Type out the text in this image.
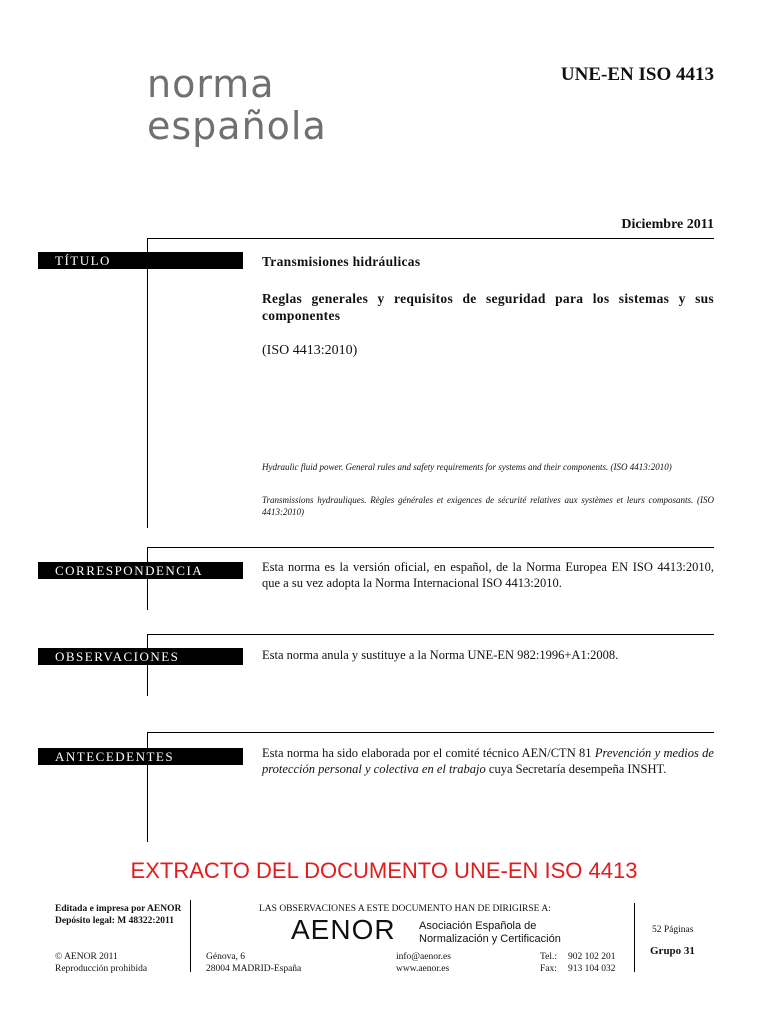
norma
española
UNE-EN ISO 4413
Diciembre 2011
TÍTULO	Transmisiones hidráulicas
Reglas generales y requisitos de seguridad para los sistemas y sus componentes
(ISO 4413:2010)
Hydraulic fluid power. General rules and safety requirements for systems and their components. (ISO 4413:2010)
Transmissions hydrauliques. Règles générales et exigences de sécurité relatives aux systèmes et leurs composants. (ISO 4413:2010)
CORRESPONDENCIA	Esta norma es la versión oficial, en español, de la Norma Europea EN ISO 4413:2010, que a su vez adopta la Norma Internacional ISO 4413:2010.
OBSERVACIONES	Esta norma anula y sustituye a la Norma UNE-EN 982:1996+A1:2008.
ANTECEDENTES	Esta norma ha sido elaborada por el comité técnico AEN/CTN 81 Prevención y medios de protección personal y colectiva en el trabajo cuya Secretaría desempeña INSHT.
EXTRACTO DEL DOCUMENTO UNE-EN ISO 4413
Editada e impresa por AENOR
Depósito legal: M 48322:2011
© AENOR 2011
Reproducción prohibida
LAS OBSERVACIONES A ESTE DOCUMENTO HAN DE DIRIGIRSE A:
AENOR Asociación Española de
Normalización y Certificación
Génova, 6
28004 MADRID-España
info@aenor.es
www.aenor.es
Tel.: 902 102 201
Fax: 913 104 032
52 Páginas
Grupo 31
